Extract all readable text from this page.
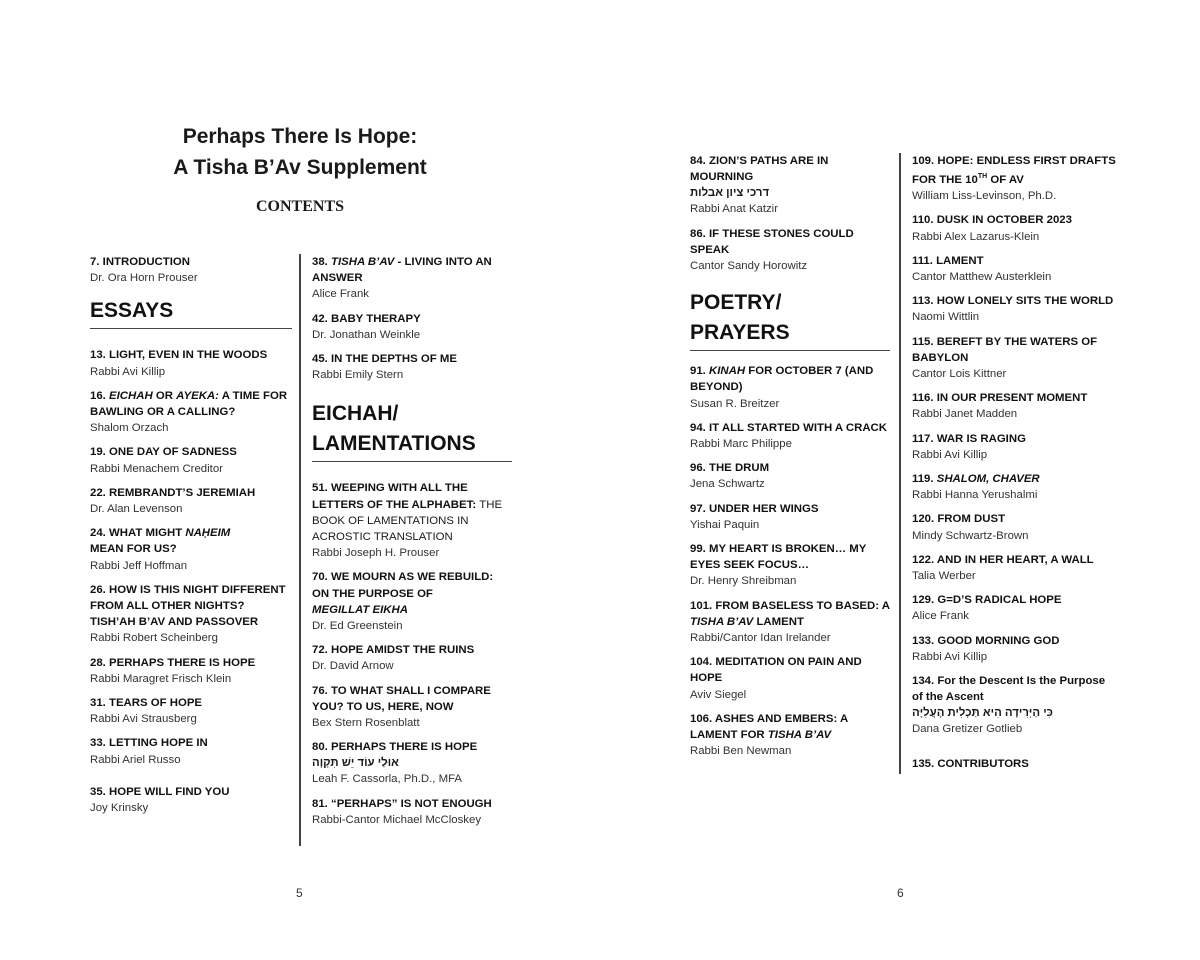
Perhaps There Is Hope:
A Tisha B’Av Supplement
CONTENTS
7. INTRODUCTION
Dr. Ora Horn Prouser
ESSAYS
13. LIGHT, EVEN IN THE WOODS
Rabbi Avi Killip
16. EICHAH OR AYEKA: A TIME FOR BAWLING OR A CALLING?
Shalom Orzach
19. ONE DAY OF SADNESS
Rabbi Menachem Creditor
22. REMBRANDT’S JEREMIAH
Dr. Alan Levenson
24. WHAT MIGHT NAḤEIM
MEAN FOR US?
Rabbi Jeff Hoffman
26. HOW IS THIS NIGHT DIFFERENT FROM ALL OTHER NIGHTS? TISH’AH B’AV AND PASSOVER
Rabbi Robert Scheinberg
28. PERHAPS THERE IS HOPE
Rabbi Maragret Frisch Klein
31. TEARS OF HOPE
Rabbi Avi Strausberg
33. LETTING HOPE IN
Rabbi Ariel Russo
35. HOPE WILL FIND YOU
Joy Krinsky
38. TISHA B’AV - LIVING INTO AN ANSWER
Alice Frank
42. BABY THERAPY
Dr. Jonathan Weinkle
45. IN THE DEPTHS OF ME
Rabbi Emily Stern
EICHAH/
LAMENTATIONS
51. WEEPING WITH ALL THE LETTERS OF THE ALPHABET: THE BOOK OF LAMENTATIONS IN ACROSTIC TRANSLATION
Rabbi Joseph H. Prouser
70. WE MOURN AS WE REBUILD: ON THE PURPOSE OF
MEGILLAT EIKHA
Dr. Ed Greenstein
72. HOPE AMIDST THE RUINS
Dr. David Arnow
76. TO WHAT SHALL I COMPARE YOU? TO US, HERE, NOW
Bex Stern Rosenblatt
80. PERHAPS THERE IS HOPE
אוּלַי עוֹד יֵשׁ תִּקְוָה
Leah F. Cassorla, Ph.D., MFA
81. “PERHAPS” IS NOT ENOUGH
Rabbi-Cantor Michael McCloskey
5
84. ZION’S PATHS ARE IN MOURNING
דרכי ציון אבלות
Rabbi Anat Katzir
86. IF THESE STONES COULD SPEAK
Cantor Sandy Horowitz
POETRY/
PRAYERS
91. KINAH FOR OCTOBER 7 (AND BEYOND)
Susan R. Breitzer
94. IT ALL STARTED WITH A CRACK
Rabbi Marc Philippe
96. THE DRUM
Jena Schwartz
97. UNDER HER WINGS
Yishai Paquin
99. MY HEART IS BROKEN… MY EYES SEEK FOCUS…
Dr. Henry Shreibman
101. FROM BASELESS TO BASED: A TISHA B’AV LAMENT
Rabbi/Cantor Idan Irelander
104. MEDITATION ON PAIN AND HOPE
Aviv Siegel
106. ASHES AND EMBERS: A LAMENT FOR TISHA B’AV
Rabbi Ben Newman
109. HOPE: ENDLESS FIRST DRAFTS FOR THE 10TH OF AV
William Liss-Levinson, Ph.D.
110. DUSK IN OCTOBER 2023
Rabbi Alex Lazarus-Klein
111. LAMENT
Cantor Matthew Austerklein
113. HOW LONELY SITS THE WORLD
Naomi Wittlin
115. BEREFT BY THE WATERS OF BABYLON
Cantor Lois Kittner
116. IN OUR PRESENT MOMENT
Rabbi Janet Madden
117. WAR IS RAGING
Rabbi Avi Killip
119. SHALOM, CHAVER
Rabbi Hanna Yerushalmi
120. FROM DUST
Mindy Schwartz-Brown
122. AND IN HER HEART, A WALL
Talia Werber
129. G=D’S RADICAL HOPE
Alice Frank
133. GOOD MORNING GOD
Rabbi Avi Killip
134. For the Descent Is the Purpose of the Ascent
כִּי הַיְּרִידָה הִיא תַּכְלִית הָעֲלִיָּה
Dana Gretizer Gotlieb
135. CONTRIBUTORS
6
